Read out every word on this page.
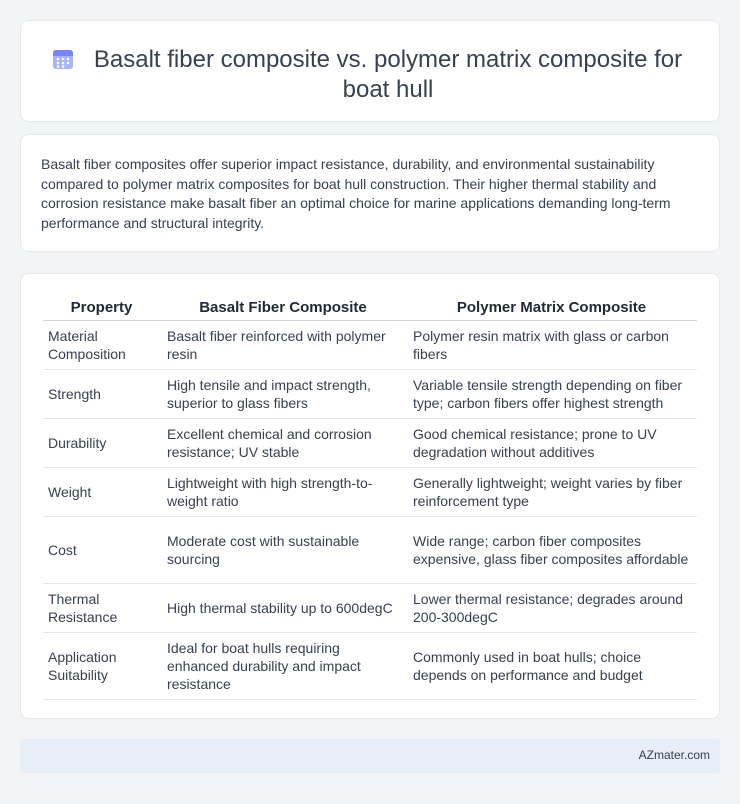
Basalt fiber composite vs. polymer matrix composite for boat hull

Basalt fiber composites offer superior impact resistance, durability, and environmental sustainability compared to polymer matrix composites for boat hull construction. Their higher thermal stability and corrosion resistance make basalt fiber an optimal choice for marine applications demanding long-term performance and structural integrity.

Property	Basalt Fiber Composite	Polymer Matrix Composite
Material Composition	Basalt fiber reinforced with polymer resin	Polymer resin matrix with glass or carbon fibers
Strength	High tensile and impact strength, superior to glass fibers	Variable tensile strength depending on fiber type; carbon fibers offer highest strength
Durability	Excellent chemical and corrosion resistance; UV stable	Good chemical resistance; prone to UV degradation without additives
Weight	Lightweight with high strength-to-weight ratio	Generally lightweight; weight varies by fiber reinforcement type
Cost	Moderate cost with sustainable sourcing	Wide range; carbon fiber composites expensive, glass fiber composites affordable
Thermal Resistance	High thermal stability up to 600degC	Lower thermal resistance; degrades around 200-300degC
Application Suitability	Ideal for boat hulls requiring enhanced durability and impact resistance	Commonly used in boat hulls; choice depends on performance and budget
AZmater.com
